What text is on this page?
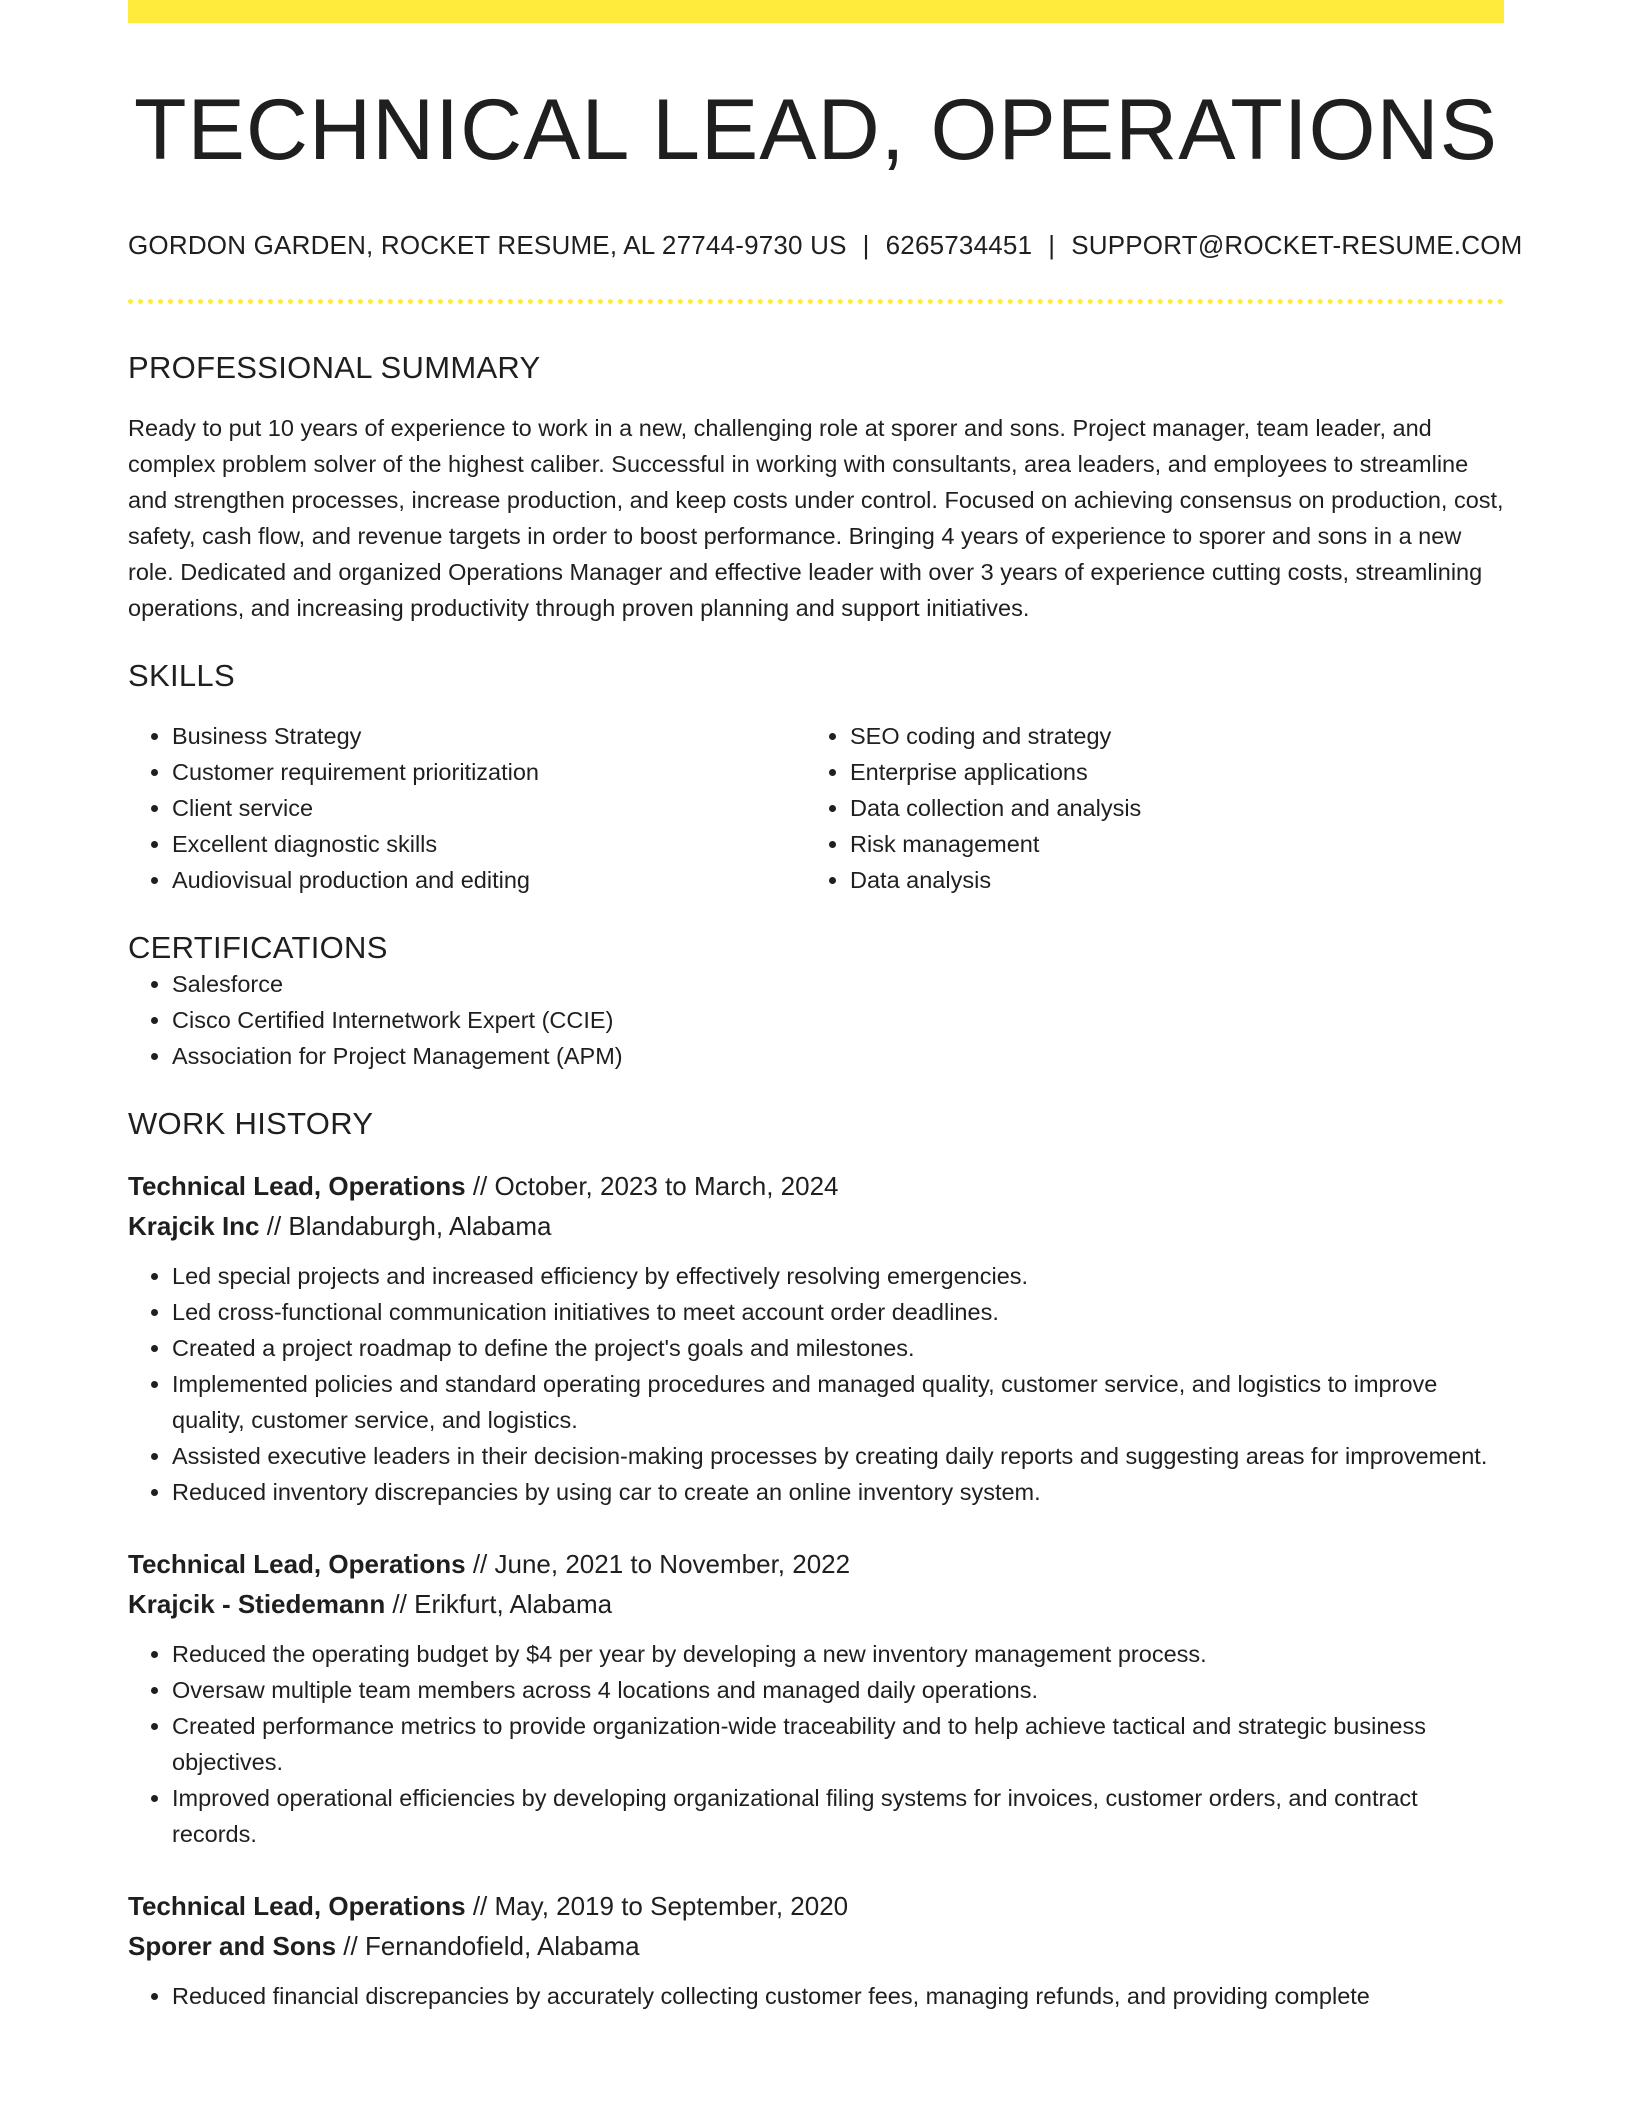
TECHNICAL LEAD, OPERATIONS
GORDON GARDEN, ROCKET RESUME, AL 27744-9730 US | 6265734451 | SUPPORT@ROCKET-RESUME.COM
PROFESSIONAL SUMMARY
Ready to put 10 years of experience to work in a new, challenging role at sporer and sons. Project manager, team leader, and complex problem solver of the highest caliber. Successful in working with consultants, area leaders, and employees to streamline and strengthen processes, increase production, and keep costs under control. Focused on achieving consensus on production, cost, safety, cash flow, and revenue targets in order to boost performance. Bringing 4 years of experience to sporer and sons in a new role. Dedicated and organized Operations Manager and effective leader with over 3 years of experience cutting costs, streamlining operations, and increasing productivity through proven planning and support initiatives.
SKILLS
• Business Strategy
• Customer requirement prioritization
• Client service
• Excellent diagnostic skills
• Audiovisual production and editing
• SEO coding and strategy
• Enterprise applications
• Data collection and analysis
• Risk management
• Data analysis
CERTIFICATIONS
• Salesforce
• Cisco Certified Internetwork Expert (CCIE)
• Association for Project Management (APM)
WORK HISTORY
Technical Lead, Operations // October, 2023 to March, 2024
Krajcik Inc // Blandaburgh, Alabama
• Led special projects and increased efficiency by effectively resolving emergencies.
• Led cross-functional communication initiatives to meet account order deadlines.
• Created a project roadmap to define the project's goals and milestones.
• Implemented policies and standard operating procedures and managed quality, customer service, and logistics to improve quality, customer service, and logistics.
• Assisted executive leaders in their decision-making processes by creating daily reports and suggesting areas for improvement.
• Reduced inventory discrepancies by using car to create an online inventory system.
Technical Lead, Operations // June, 2021 to November, 2022
Krajcik - Stiedemann // Erikfurt, Alabama
• Reduced the operating budget by $4 per year by developing a new inventory management process.
• Oversaw multiple team members across 4 locations and managed daily operations.
• Created performance metrics to provide organization-wide traceability and to help achieve tactical and strategic business objectives.
• Improved operational efficiencies by developing organizational filing systems for invoices, customer orders, and contract records.
Technical Lead, Operations // May, 2019 to September, 2020
Sporer and Sons // Fernandofield, Alabama
• Reduced financial discrepancies by accurately collecting customer fees, managing refunds, and providing complete
